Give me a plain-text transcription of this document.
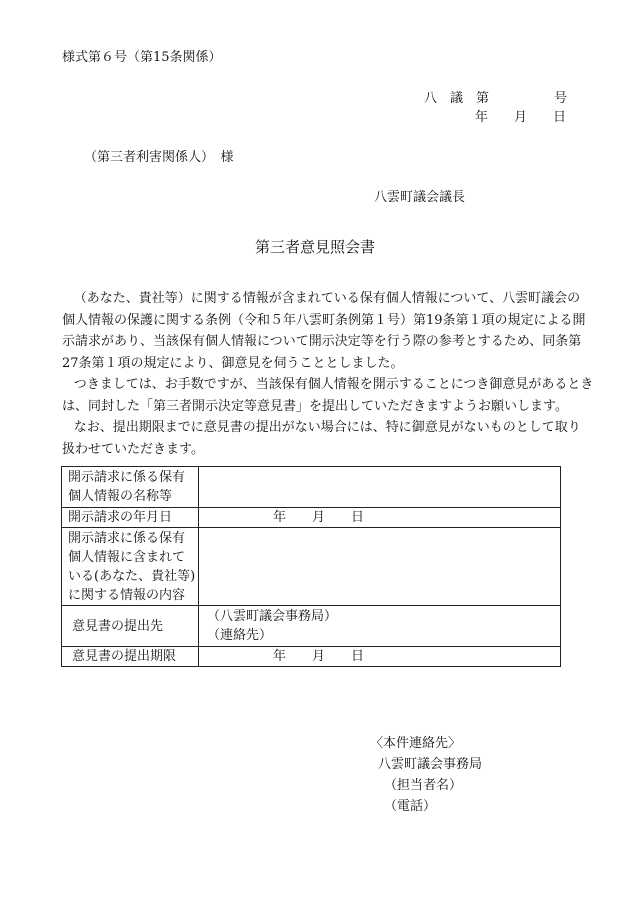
様式第６号（第15条関係）
八　議　第　　　　　号
年　　月　　日
（第三者利害関係人）　様
八雲町議会議長
第三者意見照会書

（あなた、貴社等）に関する情報が含まれている保有個人情報について、八雲町議会の

個人情報の保護に関する条例（令和５年八雲町条例第１号）第19条第１項の規定による開

示請求があり、当該保有個人情報について開示決定等を行う際の参考とするため、同条第

27条第１項の規定により、御意見を伺うこととしました。

つきましては、お手数ですが、当該保有個人情報を開示することにつき御意見があるとき

は、同封した「第三者開示決定等意見書」を提出していただきますようお願いします。

なお、提出期限までに意見書の提出がない場合には、特に御意見がないものとして取り

扱わせていただきます。

開示請求に係る保有
個人情報の名称等	

開示請求の年月日	年　　月　　日

開示請求に係る保有
個人情報に含まれて
いる(あなた、貴社等)
に関する情報の内容	

意見書の提出先	（八雲町議会事務局）
（連絡先）

意見書の提出期限	年　　月　　日
〈本件連絡先〉
八雲町議会事務局
（担当者名）
（電話）
